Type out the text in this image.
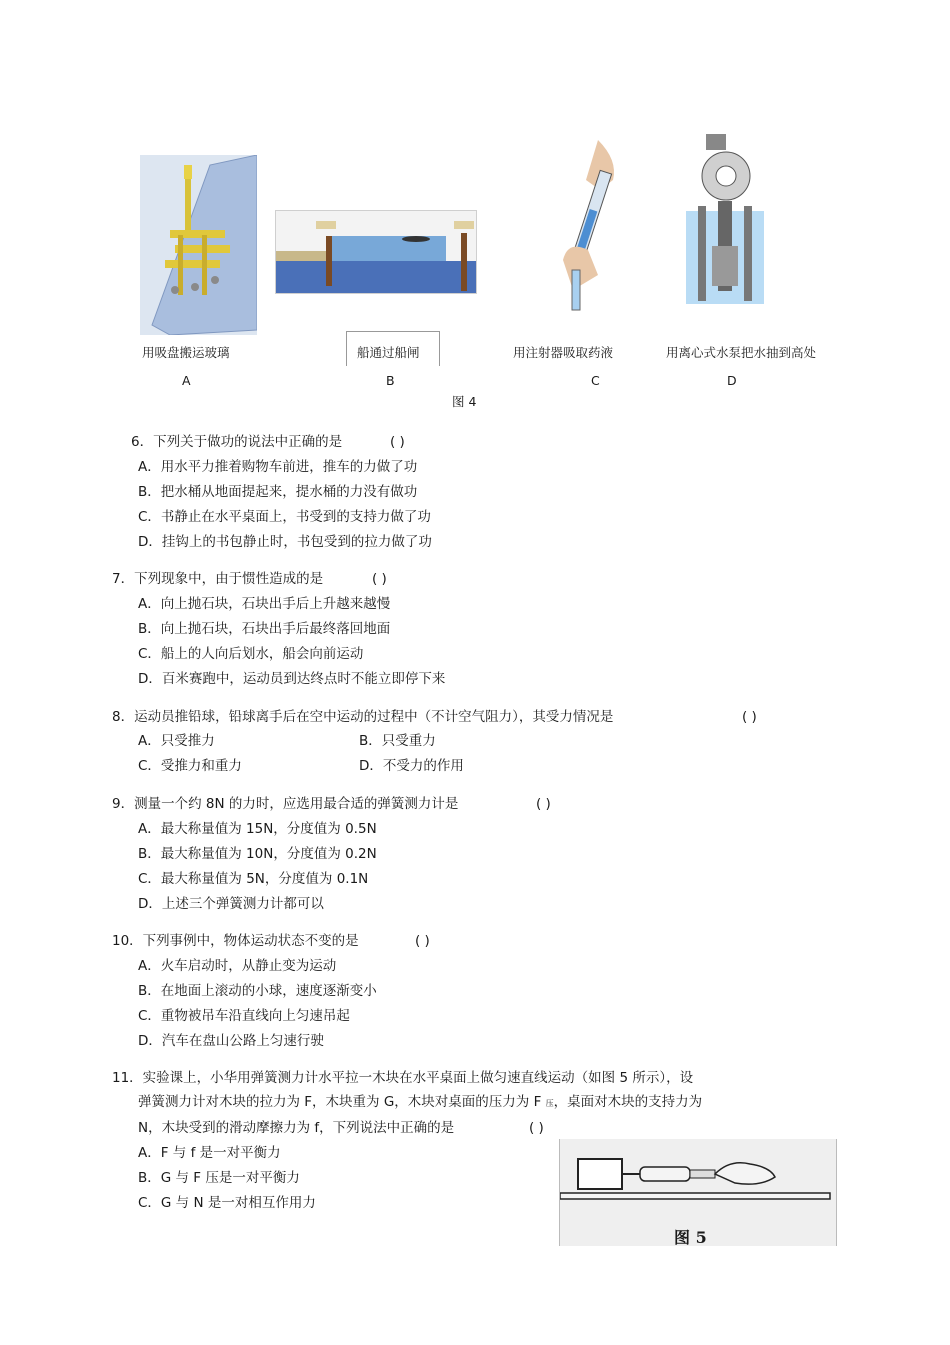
用吸盘搬运玻璃
A
船通过船闸
B
用注射器吸取药液
C
用离心式水泵把水抽到高处
D
图 4
6．下列关于做功的说法中正确的是	( )
A．用水平力推着购物车前进，推车的力做了功
B．把水桶从地面提起来，提水桶的力没有做功
C．书静止在水平桌面上，书受到的支持力做了功
D．挂钩上的书包静止时，书包受到的拉力做了功
7．下列现象中，由于惯性造成的是	( )
A．向上抛石块，石块出手后上升越来越慢
B．向上抛石块，石块出手后最终落回地面
C．船上的人向后划水，船会向前运动
D．百米赛跑中，运动员到达终点时不能立即停下来
8．运动员推铅球，铅球离手后在空中运动的过程中（不计空气阻力），其受力情况是	( )
A．只受推力	B．只受重力
C．受推力和重力	D．不受力的作用
9．测量一个约 8N 的力时，应选用最合适的弹簧测力计是	( )
A．最大称量值为 15N，分度值为 0.5N
B．最大称量值为 10N，分度值为 0.2N
C．最大称量值为 5N，分度值为 0.1N
D．上述三个弹簧测力计都可以
10．下列事例中，物体运动状态不变的是	( )
A．火车启动时，从静止变为运动
B．在地面上滚动的小球，速度逐渐变小
C．重物被吊车沿直线向上匀速吊起
D．汽车在盘山公路上匀速行驶
11．实验课上，小华用弹簧测力计水平拉一木块在水平桌面上做匀速直线运动（如图 5 所示），设
弹簧测力计对木块的拉力为 F，木块重为 G，木块对桌面的压力为 F 压，桌面对木块的支持力为
N，木块受到的滑动摩擦力为 f，下列说法中正确的是	( )
A．F 与 f 是一对平衡力
B．G 与 F 压是一对平衡力
C．G 与 N 是一对相互作用力
图 5
